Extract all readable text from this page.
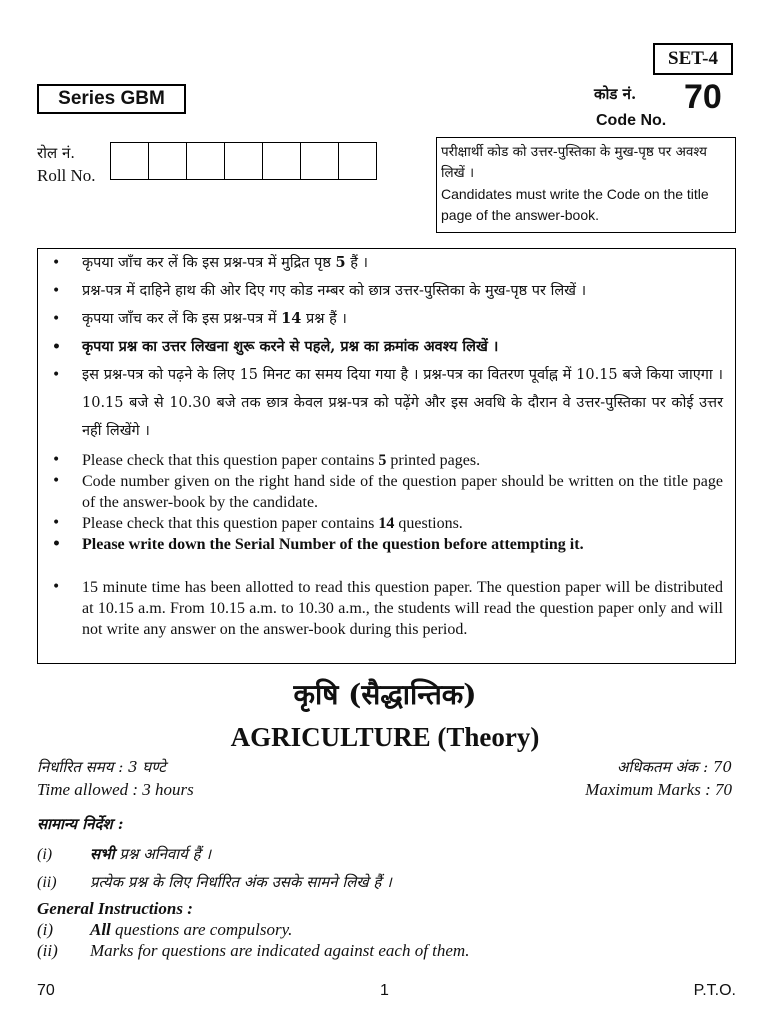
SET-4
Series GBM	कोड नं. 70
Code No.
रोल नं.
Roll No.
परीक्षार्थी कोड को उत्तर-पुस्तिका के मुख-पृष्ठ पर अवश्य लिखें ।
Candidates must write the Code on the title page of the answer-book.
• कृपया जाँच कर लें कि इस प्रश्न-पत्र में मुद्रित पृष्ठ 5 हैं ।
• प्रश्न-पत्र में दाहिने हाथ की ओर दिए गए कोड नम्बर को छात्र उत्तर-पुस्तिका के मुख-पृष्ठ पर लिखें ।
• कृपया जाँच कर लें कि इस प्रश्न-पत्र में 14 प्रश्न हैं ।
• कृपया प्रश्न का उत्तर लिखना शुरू करने से पहले, प्रश्न का क्रमांक अवश्य लिखें ।
• इस प्रश्न-पत्र को पढ़ने के लिए 15 मिनट का समय दिया गया है । प्रश्न-पत्र का वितरण पूर्वाह्न में 10.15 बजे किया जाएगा । 10.15 बजे से 10.30 बजे तक छात्र केवल प्रश्न-पत्र को पढ़ेंगे और इस अवधि के दौरान वे उत्तर-पुस्तिका पर कोई उत्तर नहीं लिखेंगे ।
• Please check that this question paper contains 5 printed pages.
• Code number given on the right hand side of the question paper should be written on the title page of the answer-book by the candidate.
• Please check that this question paper contains 14 questions.
• Please write down the Serial Number of the question before attempting it.
• 15 minute time has been allotted to read this question paper. The question paper will be distributed at 10.15 a.m. From 10.15 a.m. to 10.30 a.m., the students will read the question paper only and will not write any answer on the answer-book during this period.
कृषि (सैद्धान्तिक)
AGRICULTURE (Theory)
निर्धारित समय : 3 घण्टे	अधिकतम अंक : 70
Time allowed : 3 hours	Maximum Marks : 70
सामान्य निर्देश :
(i)	सभी प्रश्न अनिवार्य हैं ।
(ii) प्रत्येक प्रश्न के लिए निर्धारित अंक उसके सामने लिखे हैं ।
General Instructions :
(i) All questions are compulsory.
(ii) Marks for questions are indicated against each of them.
70	1	P.T.O.
